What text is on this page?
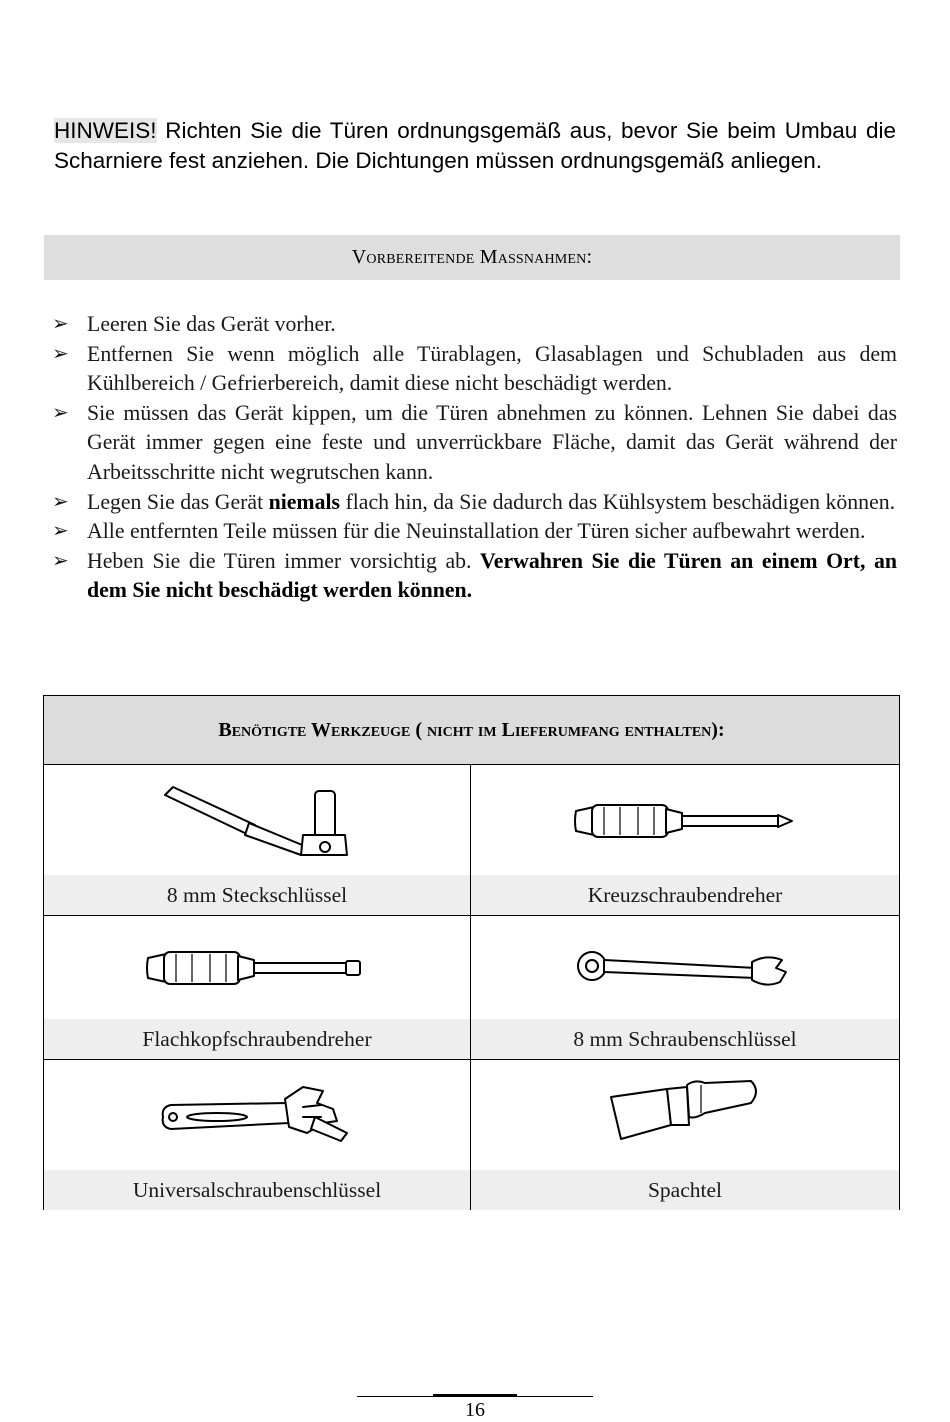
HINWEIS! Richten Sie die Türen ordnungsgemäß aus, bevor Sie beim Umbau die Scharniere fest anziehen. Die Dichtungen müssen ordnungsgemäß anliegen.
Vorbereitende Maßnahmen:
➢ Leeren Sie das Gerät vorher.
➢ Entfernen Sie wenn möglich alle Türablagen, Glasablagen und Schubladen aus dem Kühlbereich / Gefrierbereich, damit diese nicht beschädigt werden.
➢ Sie müssen das Gerät kippen, um die Türen abnehmen zu können. Lehnen Sie dabei das Gerät immer gegen eine feste und unverrückbare Fläche, damit das Gerät während der Arbeitsschritte nicht wegrutschen kann.
➢ Legen Sie das Gerät niemals flach hin, da Sie dadurch das Kühlsystem beschädigen können.
➢ Alle entfernten Teile müssen für die Neuinstallation der Türen sicher aufbewahrt werden.
➢ Heben Sie die Türen immer vorsichtig ab. Verwahren Sie die Türen an einem Ort, an dem Sie nicht beschädigt werden können.
Benötigte Werkzeuge ( nicht im Lieferumfang enthalten):
8 mm Steckschlüssel	Kreuzschraubendreher
Flachkopfschraubendreher	8 mm Schraubenschlüssel
Universalschraubenschlüssel	Spachtel
16
